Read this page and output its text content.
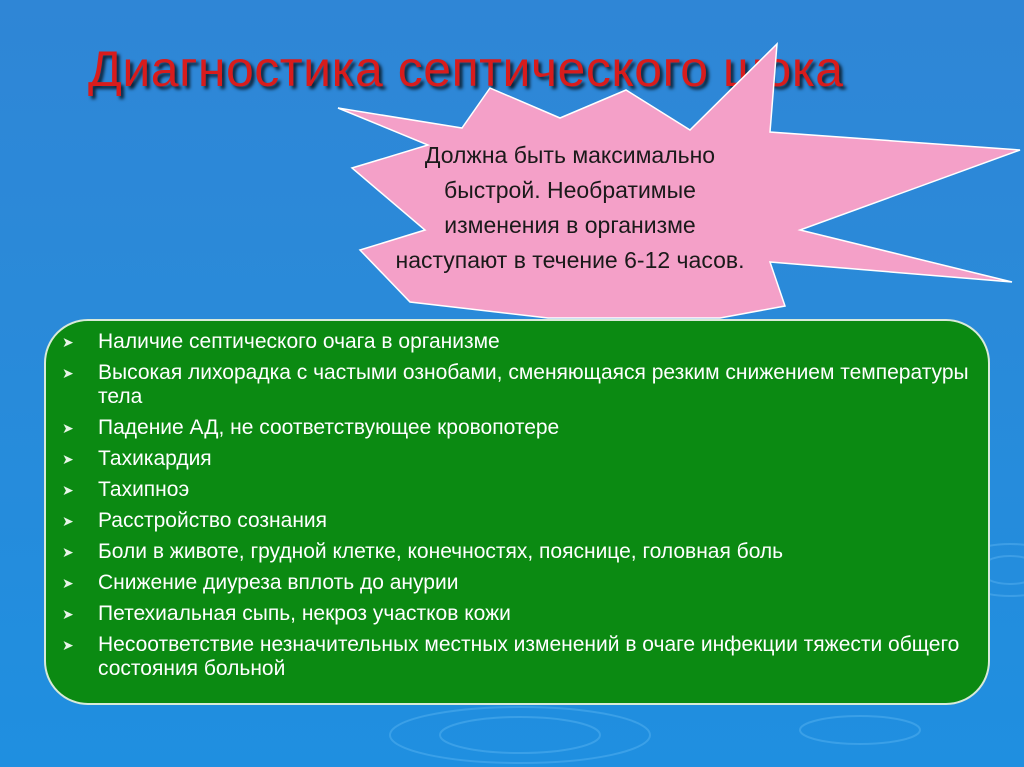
Диагностика септического шока

Должна быть максимально быстрой. Необратимые изменения в организме наступают в течение 6-12 часов.

➤	Наличие септического очага в организме
➤	Высокая лихорадка с частыми ознобами, сменяющаяся резким снижением температуры тела
➤	Падение АД, не соответствующее кровопотере
➤	Тахикардия
➤	Тахипноэ
➤	Расстройство сознания
➤	Боли в животе, грудной клетке, конечностях, пояснице, головная боль
➤	Снижение диуреза вплоть до анурии
➤	Петехиальная сыпь, некроз участков кожи
➤	Несоответствие незначительных местных изменений в очаге инфекции тяжести общего состояния больной
